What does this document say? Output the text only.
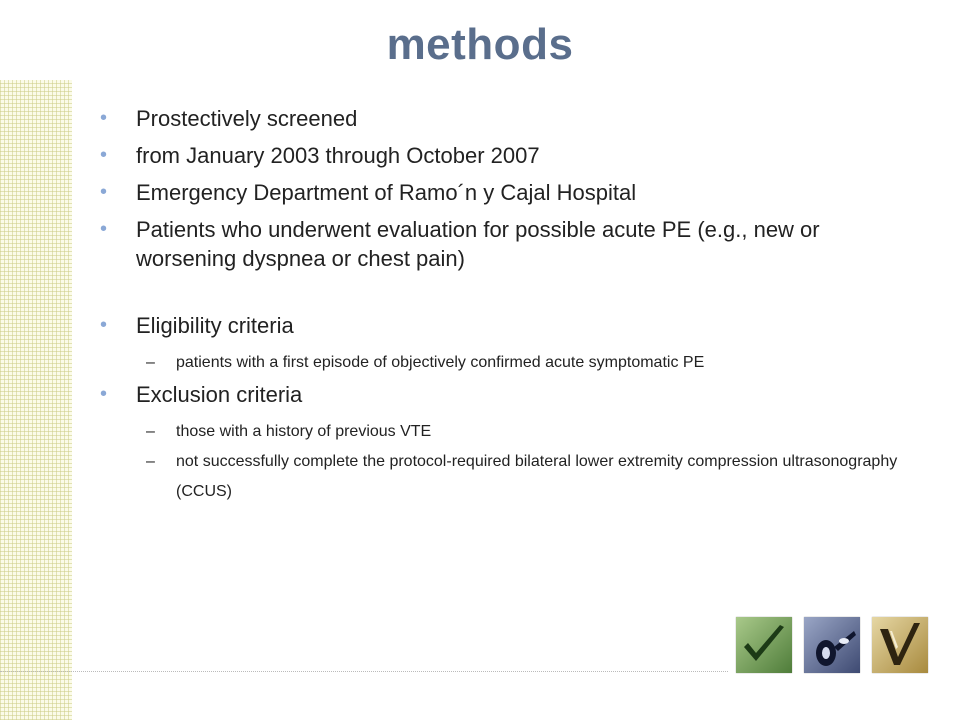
methods
• Prostectively screened
• from January 2003 through October 2007
• Emergency Department of Ramo´n y Cajal Hospital
• Patients who underwent evaluation for possible acute PE (e.g., new or worsening dyspnea or chest pain)
• Eligibility criteria
– patients with a first episode of objectively confirmed acute symptomatic PE
• Exclusion criteria
– those with a history of previous VTE
– not successfully complete the protocol-required bilateral lower extremity compression ultrasonography (CCUS)
